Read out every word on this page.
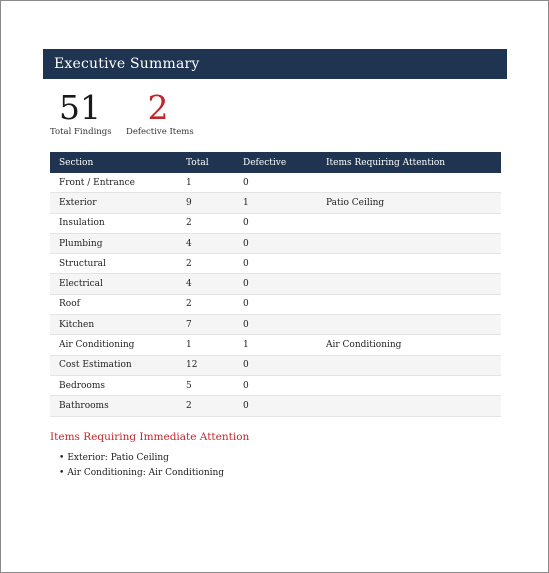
Executive Summary
51
Total Findings
2
Defective Items
Section	Total	Defective	Items Requiring Attention
Front / Entrance	1	0	
Exterior	9	1	Patio Ceiling
Insulation	2	0	
Plumbing	4	0	
Structural	2	0	
Electrical	4	0	
Roof	2	0	
Kitchen	7	0	
Air Conditioning	1	1	Air Conditioning
Cost Estimation	12	0	
Bedrooms	5	0	
Bathrooms	2	0	
Items Requiring Immediate Attention
• Exterior: Patio Ceiling
• Air Conditioning: Air Conditioning
